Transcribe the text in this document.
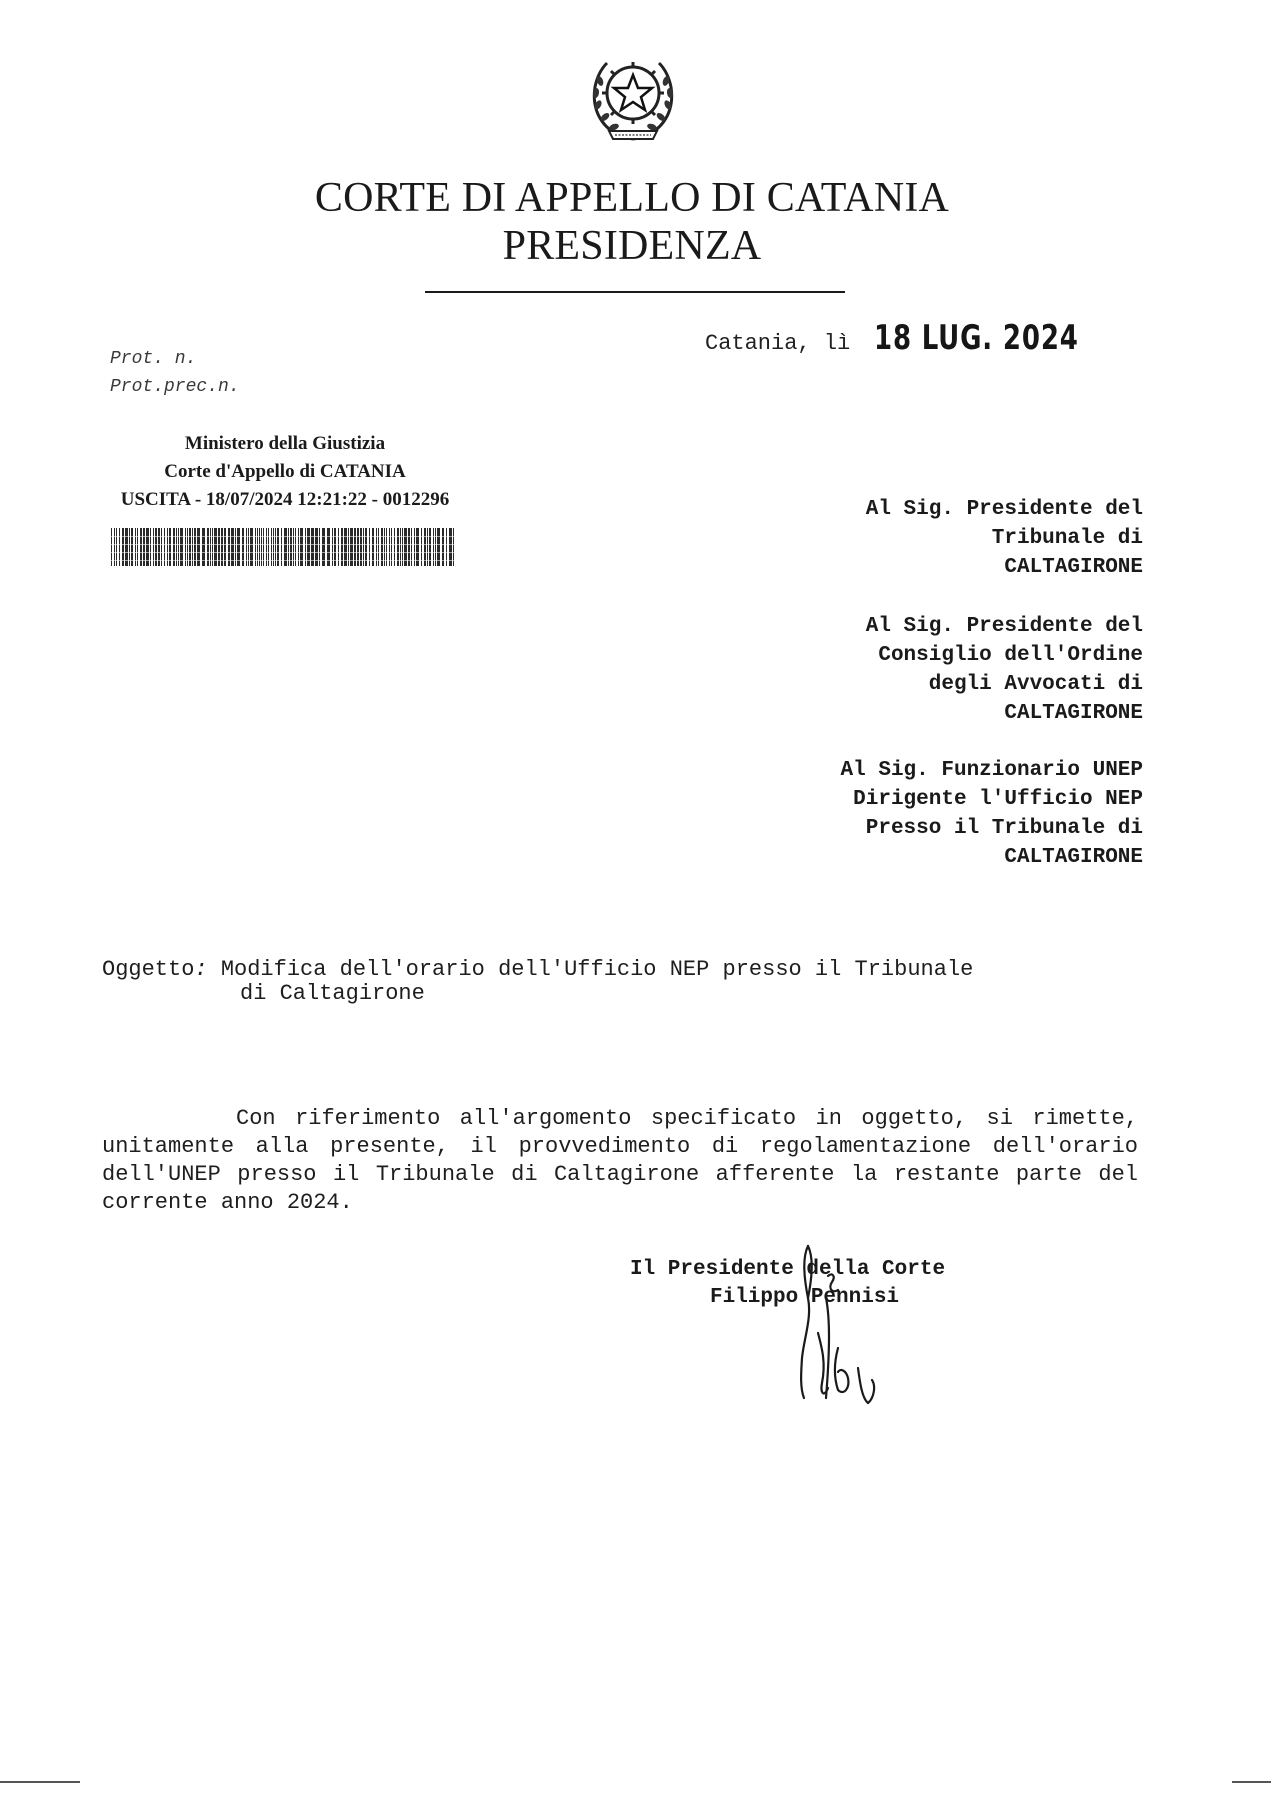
CORTE DI APPELLO DI CATANIA
PRESIDENZA
Catania, lì 18 LUG. 2024
Prot. n.
Prot.prec.n.
Ministero della Giustizia
Corte d'Appello di CATANIA
USCITA - 18/07/2024 12:21:22 - 0012296	Al Sig. Presidente del
Tribunale di
CALTAGIRONE
Al Sig. Presidente del
Consiglio dell'Ordine
degli Avvocati di
CALTAGIRONE
Al Sig. Funzionario UNEP
Dirigente l'Ufficio NEP
Presso il Tribunale di
CALTAGIRONE
Oggetto: Modifica dell'orario dell'Ufficio NEP presso il Tribunale
di Caltagirone

Con riferimento all'argomento specificato in oggetto, si rimette, unitamente alla presente, il provvedimento di regolamentazione dell'orario dell'UNEP presso il Tribunale di Caltagirone afferente la restante parte del corrente anno 2024.

Il Presidente della Corte
Filippo Pennisi
